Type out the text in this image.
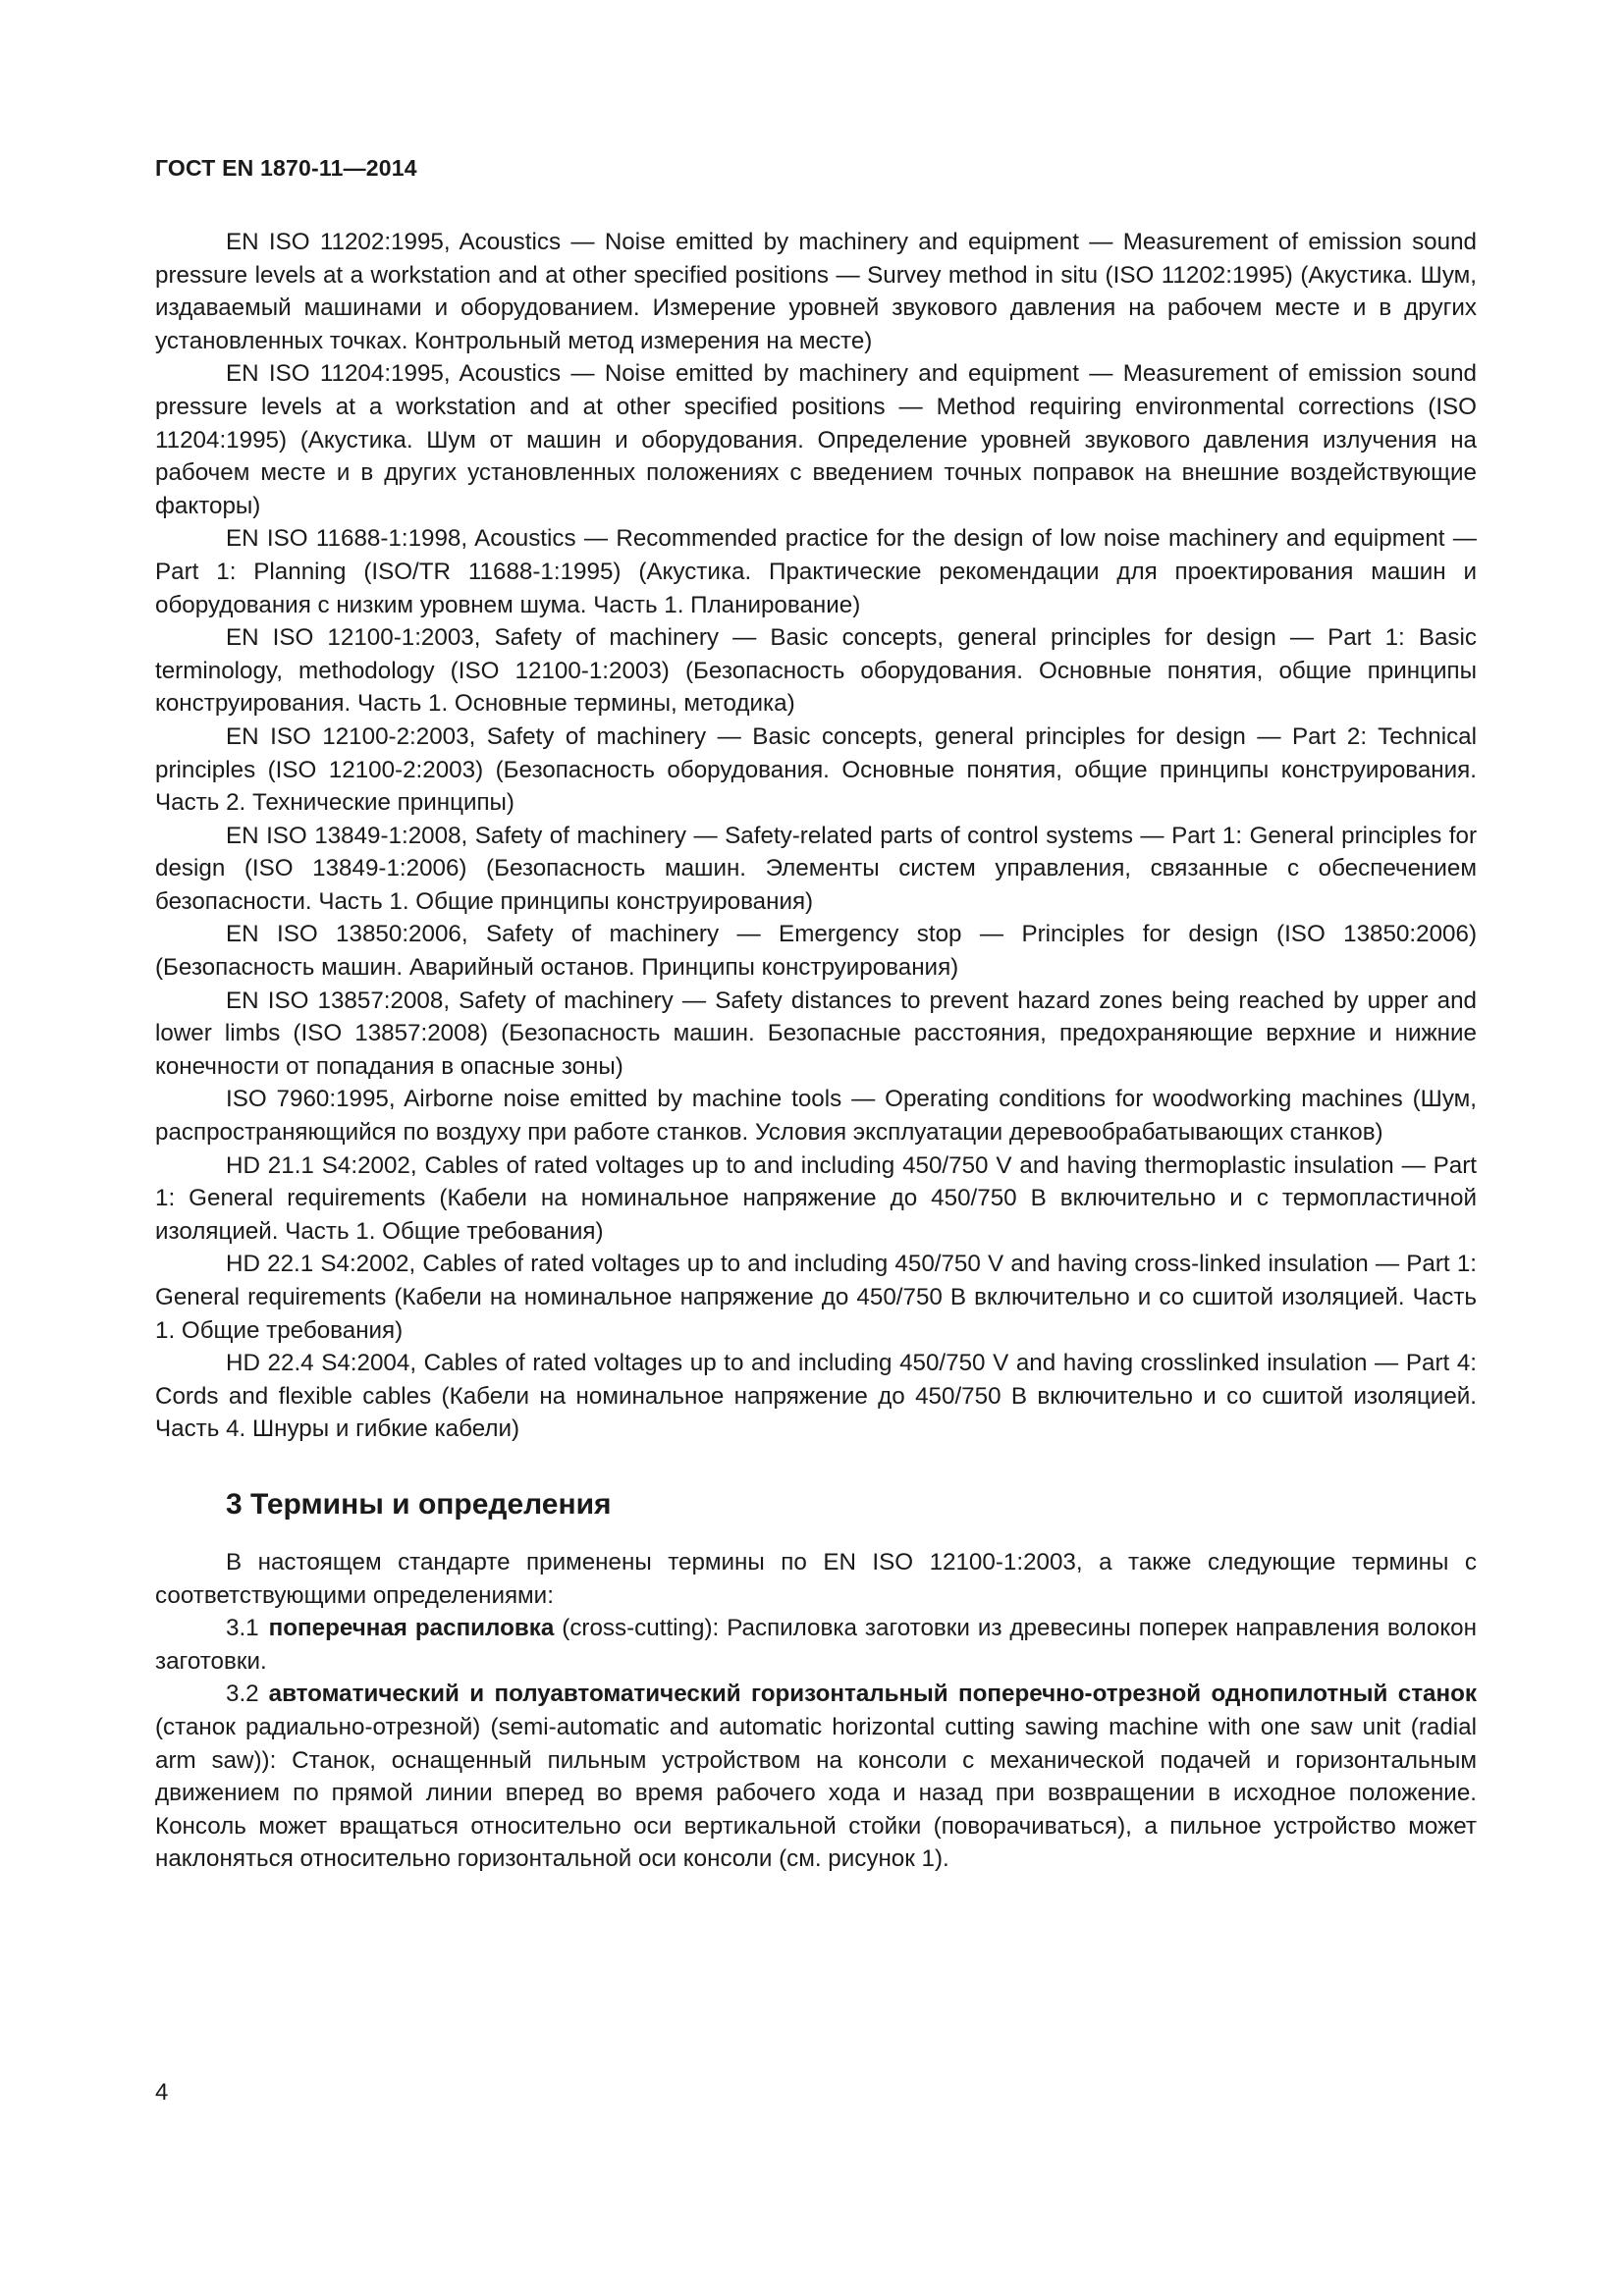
ГОСТ EN 1870-11—2014

EN ISO 11202:1995, Acoustics — Noise emitted by machinery and equipment — Measurement of emission sound pressure levels at a workstation and at other specified positions — Survey method in situ (ISO 11202:1995) (Акустика. Шум, издаваемый машинами и оборудованием. Измерение уровней звукового давления на рабочем месте и в других установленных точках. Контрольный метод измерения на месте)

EN ISO 11204:1995, Acoustics — Noise emitted by machinery and equipment — Measurement of emission sound pressure levels at a workstation and at other specified positions — Method requiring environmental corrections (ISO 11204:1995) (Акустика. Шум от машин и оборудования. Определение уровней звукового давления излучения на рабочем месте и в других установленных положениях с введением точных поправок на внешние воздействующие факторы)

EN ISO 11688-1:1998, Acoustics — Recommended practice for the design of low noise machinery and equipment — Part 1: Planning (ISO/TR 11688-1:1995) (Акустика. Практические рекомендации для проектирования машин и оборудования с низким уровнем шума. Часть 1. Планирование)

EN ISO 12100-1:2003, Safety of machinery — Basic concepts, general principles for design — Part 1: Basic terminology, methodology (ISO 12100-1:2003) (Безопасность оборудования. Основные понятия, общие принципы конструирования. Часть 1. Основные термины, методика)

EN ISO 12100-2:2003, Safety of machinery — Basic concepts, general principles for design — Part 2: Technical principles (ISO 12100-2:2003) (Безопасность оборудования. Основные понятия, общие принципы конструирования. Часть 2. Технические принципы)

EN ISO 13849-1:2008, Safety of machinery — Safety-related parts of control systems — Part 1: General principles for design (ISO 13849-1:2006) (Безопасность машин. Элементы систем управления, связанные с обеспечением безопасности. Часть 1. Общие принципы конструирования)

EN ISO 13850:2006, Safety of machinery — Emergency stop — Principles for design (ISO 13850:2006) (Безопасность машин. Аварийный останов. Принципы конструирования)

EN ISO 13857:2008, Safety of machinery — Safety distances to prevent hazard zones being reached by upper and lower limbs (ISO 13857:2008) (Безопасность машин. Безопасные расстояния, предохраняющие верхние и нижние конечности от попадания в опасные зоны)

ISO 7960:1995, Airborne noise emitted by machine tools — Operating conditions for woodworking machines (Шум, распространяющийся по воздуху при работе станков. Условия эксплуатации деревообрабатывающих станков)

HD 21.1 S4:2002, Cables of rated voltages up to and including 450/750 V and having thermoplastic insulation — Part 1: General requirements (Кабели на номинальное напряжение до 450/750 В включительно и с термопластичной изоляцией. Часть 1. Общие требования)

HD 22.1 S4:2002, Cables of rated voltages up to and including 450/750 V and having cross-linked insulation — Part 1: General requirements (Кабели на номинальное напряжение до 450/750 В включительно и со сшитой изоляцией. Часть 1. Общие требования)

HD 22.4 S4:2004, Cables of rated voltages up to and including 450/750 V and having crosslinked insulation — Part 4: Cords and flexible cables (Кабели на номинальное напряжение до 450/750 В включительно и со сшитой изоляцией. Часть 4. Шнуры и гибкие кабели)

3 Термины и определения

В настоящем стандарте применены термины по EN ISO 12100-1:2003, а также следующие термины с соответствующими определениями:

3.1 поперечная распиловка (cross-cutting): Распиловка заготовки из древесины поперек направления волокон заготовки.

3.2 автоматический и полуавтоматический горизонтальный поперечно-отрезной однопилотный станок (станок радиально-отрезной) (semi-automatic and automatic horizontal cutting sawing machine with one saw unit (radial arm saw)): Станок, оснащенный пильным устройством на консоли с механической подачей и горизонтальным движением по прямой линии вперед во время рабочего хода и назад при возвращении в исходное положение. Консоль может вращаться относительно оси вертикальной стойки (поворачиваться), а пильное устройство может наклоняться относительно горизонтальной оси консоли (см. рисунок 1).

4
